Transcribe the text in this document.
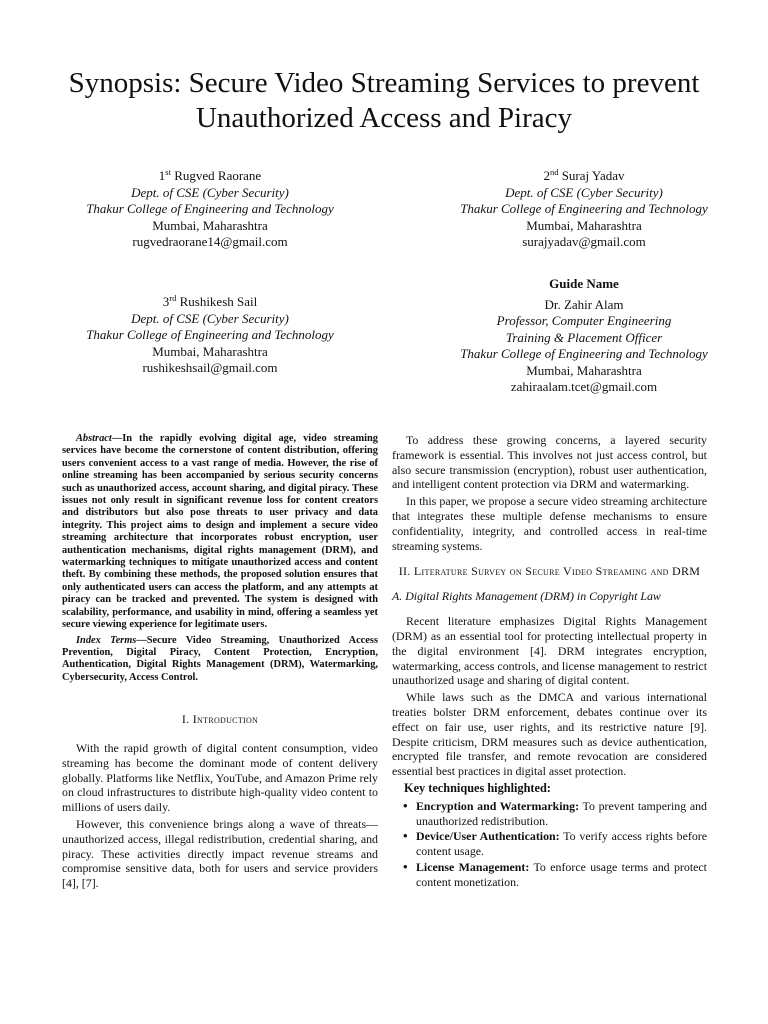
Synopsis: Secure Video Streaming Services to prevent Unauthorized Access and Piracy
1st Rugved Raorane
Dept. of CSE (Cyber Security)
Thakur College of Engineering and Technology
Mumbai, Maharashtra
rugvedraorane14@gmail.com
2nd Suraj Yadav
Dept. of CSE (Cyber Security)
Thakur College of Engineering and Technology
Mumbai, Maharashtra
surajyadav@gmail.com
3rd Rushikesh Sail
Dept. of CSE (Cyber Security)
Thakur College of Engineering and Technology
Mumbai, Maharashtra
rushikeshsail@gmail.com
Guide Name
Dr. Zahir Alam
Professor, Computer Engineering
Training & Placement Officer
Thakur College of Engineering and Technology
Mumbai, Maharashtra
zahiraalam.tcet@gmail.com

Abstract—In the rapidly evolving digital age, video streaming services have become the cornerstone of content distribution, offering users convenient access to a vast range of media. However, the rise of online streaming has been accompanied by serious security concerns such as unauthorized access, account sharing, and digital piracy. These issues not only result in significant revenue loss for content creators and distributors but also pose threats to user privacy and data integrity. This project aims to design and implement a secure video streaming architecture that incorporates robust encryption, user authentication mechanisms, digital rights management (DRM), and watermarking techniques to mitigate unauthorized access and content theft. By combining these methods, the proposed solution ensures that only authenticated users can access the platform, and any attempts at piracy can be tracked and prevented. The system is designed with scalability, performance, and usability in mind, offering a seamless yet secure viewing experience for legitimate users.

Index Terms—Secure Video Streaming, Unauthorized Access Prevention, Digital Piracy, Content Protection, Encryption, Authentication, Digital Rights Management (DRM), Watermarking, Cybersecurity, Access Control.

I. Introduction

With the rapid growth of digital content consumption, video streaming has become the dominant mode of content delivery globally. Platforms like Netflix, YouTube, and Amazon Prime rely on cloud infrastructures to distribute high-quality video content to millions of users daily.

However, this convenience brings along a wave of threats—unauthorized access, illegal redistribution, credential sharing, and piracy. These activities directly impact revenue streams and compromise sensitive data, both for users and service providers [4], [7].

To address these growing concerns, a layered security framework is essential. This involves not just access control, but also secure transmission (encryption), robust user authentication, and intelligent content protection via DRM and watermarking.

In this paper, we propose a secure video streaming architecture that integrates these multiple defense mechanisms to ensure confidentiality, integrity, and controlled access in real-time streaming systems.

II. Literature Survey on Secure Video Streaming and DRM
A. Digital Rights Management (DRM) in Copyright Law

Recent literature emphasizes Digital Rights Management (DRM) as an essential tool for protecting intellectual property in the digital environment [4]. DRM integrates encryption, watermarking, access controls, and license management to restrict unauthorized usage and sharing of digital content.

While laws such as the DMCA and various international treaties bolster DRM enforcement, debates continue over its effect on fair use, user rights, and its restrictive nature [9]. Despite criticism, DRM measures such as device authentication, encrypted file transfer, and remote revocation are considered essential best practices in digital asset protection.

Key techniques highlighted:
• Encryption and Watermarking: To prevent tampering and unauthorized redistribution.
• Device/User Authentication: To verify access rights before content usage.
• License Management: To enforce usage terms and protect content monetization.
